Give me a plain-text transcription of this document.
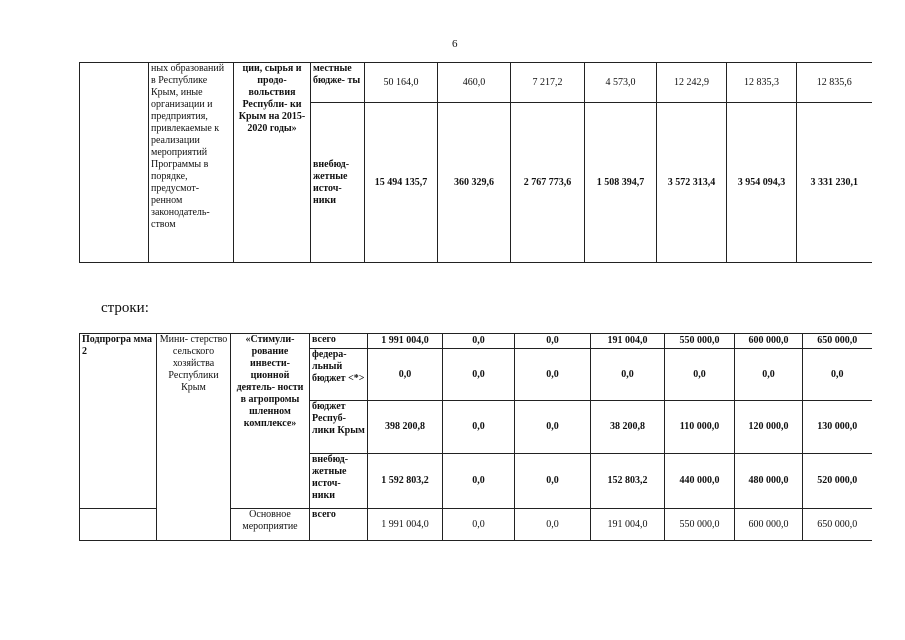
6
	ных образований в Республике Крым, иные организации и предприятия, привлекаемые к реализации мероприятий Программы в порядке, предусмот- ренном законодатель- ством	ции, сырья и продо- вольствия Республи- ки Крым на 2015- 2020 годы»	местные бюдже- ты	50 164,0	460,0	7 217,2	4 573,0	12 242,9	12 835,3	12 835,6
			внебюд- жетные источ- ники	15 494 135,7	360 329,6	2 767 773,6	1 508 394,7	3 572 313,4	3 954 094,3	3 331 230,1
строки:
Подпрогра мма 2	Мини- стерство сельского хозяйства Республики Крым	«Стимули- рование инвести- ционной деятель- ности в агропромы шленном комплексе»	всего	1 991 004,0	0,0	0,0	191 004,0	550 000,0	600 000,0	650 000,0
			федера- льный бюджет <*>	0,0	0,0	0,0	0,0	0,0	0,0	0,0
			бюджет Респуб- лики Крым	398 200,8	0,0	0,0	38 200,8	110 000,0	120 000,0	130 000,0
			внебюд- жетные источ- ники	1 592 803,2	0,0	0,0	152 803,2	440 000,0	480 000,0	520 000,0
		Основное мероприятие	всего	1 991 004,0	0,0	0,0	191 004,0	550 000,0	600 000,0	650 000,0
